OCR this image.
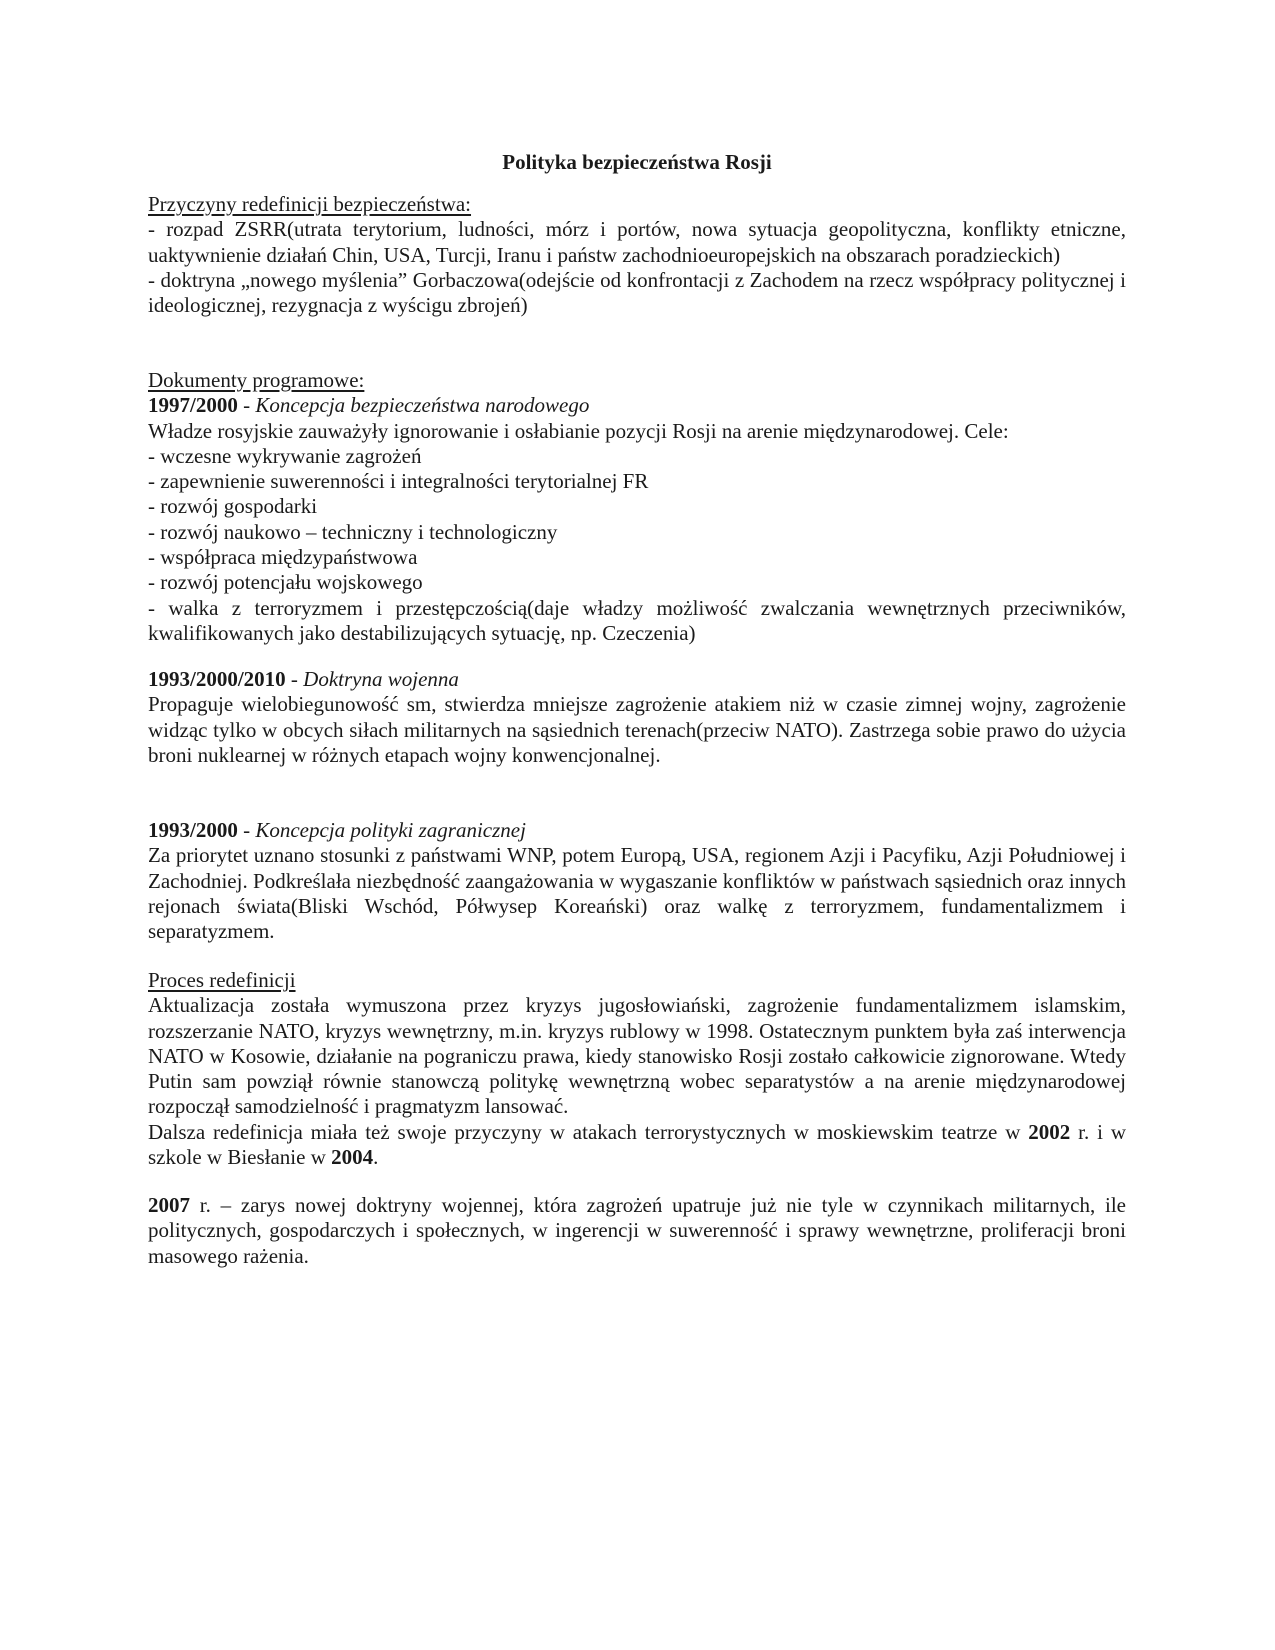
Polityka bezpieczeństwa Rosji

Przyczyny redefinicji bezpieczeństwa:

- rozpad ZSRR(utrata terytorium, ludności, mórz i portów, nowa sytuacja geopolityczna, konflikty etniczne, uaktywnienie działań Chin, USA, Turcji, Iranu i państw zachodnioeuropejskich na obszarach poradzieckich)

- doktryna „nowego myślenia” Gorbaczowa(odejście od konfrontacji z Zachodem na rzecz współpracy politycznej i ideologicznej, rezygnacja z wyścigu zbrojeń)

Dokumenty programowe:

1997/2000 - Koncepcja bezpieczeństwa narodowego

Władze rosyjskie zauważyły ignorowanie i osłabianie pozycji Rosji na arenie międzynarodowej. Cele:

- wczesne wykrywanie zagrożeń

- zapewnienie suwerenności i integralności terytorialnej FR

- rozwój gospodarki

- rozwój naukowo – techniczny i technologiczny

- współpraca międzypaństwowa

- rozwój potencjału wojskowego

- walka z terroryzmem i przestępczością(daje władzy możliwość zwalczania wewnętrznych przeciwników, kwalifikowanych jako destabilizujących sytuację, np. Czeczenia)

1993/2000/2010 - Doktryna wojenna

Propaguje wielobiegunowość sm, stwierdza mniejsze zagrożenie atakiem niż w czasie zimnej wojny, zagrożenie widząc tylko w obcych siłach militarnych na sąsiednich terenach(przeciw NATO). Zastrzega sobie prawo do użycia broni nuklearnej w różnych etapach wojny konwencjonalnej.

1993/2000 - Koncepcja polityki zagranicznej

Za priorytet uznano stosunki z państwami WNP, potem Europą, USA, regionem Azji i Pacyfiku, Azji Południowej i Zachodniej. Podkreślała niezbędność zaangażowania w wygaszanie konfliktów w państwach sąsiednich oraz innych rejonach świata(Bliski Wschód, Półwysep Koreański) oraz walkę z terroryzmem, fundamentalizmem i separatyzmem.

Proces redefinicji

Aktualizacja została wymuszona przez kryzys jugosłowiański, zagrożenie fundamentalizmem islamskim, rozszerzanie NATO, kryzys wewnętrzny, m.in. kryzys rublowy w 1998. Ostatecznym punktem była zaś interwencja NATO w Kosowie, działanie na pograniczu prawa, kiedy stanowisko Rosji zostało całkowicie zignorowane. Wtedy Putin sam powziął równie stanowczą politykę wewnętrzną wobec separatystów a na arenie międzynarodowej rozpoczął samodzielność i pragmatyzm lansować.

Dalsza redefinicja miała też swoje przyczyny w atakach terrorystycznych w moskiewskim teatrze w 2002 r. i w szkole w Biesłanie w 2004.

2007 r. – zarys nowej doktryny wojennej, która zagrożeń upatruje już nie tyle w czynnikach militarnych, ile politycznych, gospodarczych i społecznych, w ingerencji w suwerenność i sprawy wewnętrzne, proliferacji broni masowego rażenia.
